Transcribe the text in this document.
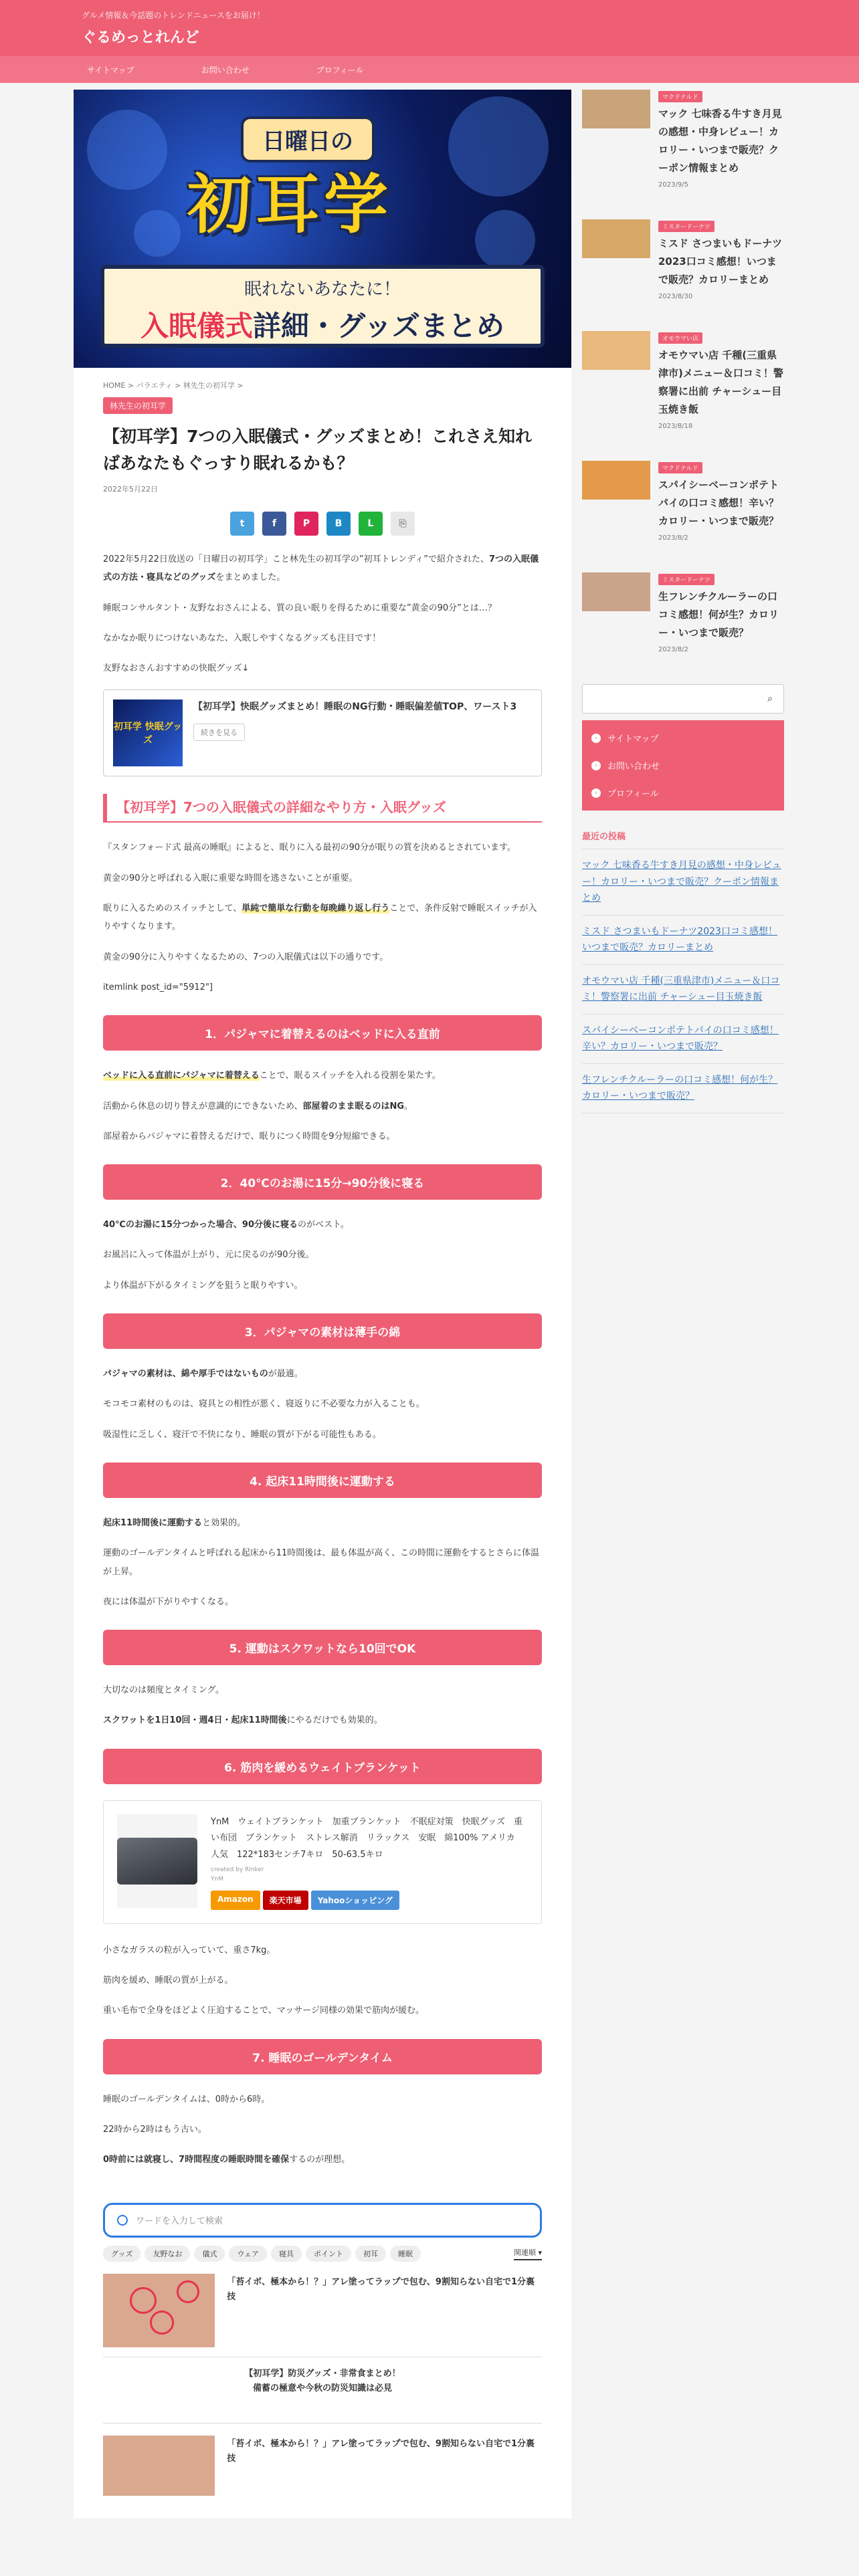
グルメ情報＆今話題のトレンドニュースをお届け！
ぐるめっとれんど
サイトマップ	お問い合わせ	プロフィール
日曜日の
初耳学
眠れないあなたに！
入眠儀式詳細・グッズまとめ
HOME > バラエティ > 林先生の初耳学 >
林先生の初耳学
【初耳学】7つの入眠儀式・グッズまとめ！これさえ知ればあなたもぐっすり眠れるかも？
2022年5月22日
t	f	P	B	L	⎘

2022年5月22日放送の「日曜日の初耳学」こと林先生の初耳学の”初耳トレンディ”で紹介された、7つの入眠儀式の方法・寝具などのグッズをまとめました。

睡眠コンサルタント・友野なおさんによる、質の良い眠りを得るために重要な”黄金の90分”とは…？

なかなか眠りにつけないあなた、入眠しやすくなるグッズも注目です！

友野なおさんおすすめの快眠グッズ↓

初耳学 快眠グッズ
【初耳学】快眠グッズまとめ！睡眠のNG行動・睡眠偏差値TOP、ワースト3
続きを見る
【初耳学】7つの入眠儀式の詳細なやり方・入眠グッズ

『スタンフォード式 最高の睡眠』によると、眠りに入る最初の90分が眠りの質を決めるとされています。

黄金の90分と呼ばれる入眠に重要な時間を逃さないことが重要。

眠りに入るためのスイッチとして、単純で簡単な行動を毎晩繰り返し行うことで、条件反射で睡眠スイッチが入りやすくなります。

黄金の90分に入りやすくなるための、7つの入眠儀式は以下の通りです。

itemlink post_id="5912"]

1．パジャマに着替えるのはベッドに入る直前

ベッドに入る直前にパジャマに着替えることで、眠るスイッチを入れる役割を果たす。

活動から休息の切り替えが意識的にできないため、部屋着のまま眠るのはNG。

部屋着からパジャマに着替えるだけで、眠りにつく時間を9分短縮できる。

2．40℃のお湯に15分→90分後に寝る

40℃のお湯に15分つかった場合、90分後に寝るのがベスト。

お風呂に入って体温が上がり、元に戻るのが90分後。

より体温が下がるタイミングを狙うと眠りやすい。

3．パジャマの素材は薄手の綿

パジャマの素材は、綿や厚手ではないものが最適。

モコモコ素材のものは、寝具との相性が悪く、寝返りに不必要な力が入ることも。

吸湿性に乏しく、寝汗で不快になり、睡眠の質が下がる可能性もある。

4. 起床11時間後に運動する

起床11時間後に運動すると効果的。

運動のゴールデンタイムと呼ばれる起床から11時間後は、最も体温が高く、この時間に運動をするとさらに体温が上昇。

夜には体温が下がりやすくなる。

5. 運動はスクワットなら10回でOK

大切なのは頻度とタイミング。

スクワットを1日10回・週4日・起床11時間後にやるだけでも効果的。

6. 筋肉を緩めるウェイトブランケット
YnM　ウェイトブランケット　加重ブランケット　不眠症対策　快眠グッズ　重い布団　ブランケット　ストレス解消　リラックス　安眠　綿100% アメリカ　人気　122*183センチ7キロ　50-63.5キロ
created by Rinker
YnM
Amazon	楽天市場	Yahooショッピング

小さなガラスの粒が入っていて、重さ7kg。

筋肉を緩め、睡眠の質が上がる。

重い毛布で全身をほどよく圧迫することで、マッサージ同様の効果で筋肉が緩む。

7. 睡眠のゴールデンタイム

睡眠のゴールデンタイムは、0時から6時。

22時から2時はもう古い。

0時前には就寝し、7時間程度の睡眠時間を確保するのが理想。

ワードを入力して検索
グッズ	友野なお	儀式	ウェア	寝具	ポイント	初耳	睡眠	関連順 ▾
「苔イボ、極本から！？」アレ塗ってラップで包む、9割知らない自宅で1分裏技
【初耳学】防災グッズ・非常食まとめ！
備蓄の極意や今秋の防災知識は必見
「苔イボ、極本から！？」アレ塗ってラップで包む、9割知らない自宅で1分裏技
マクドナルド
マック 七味香る牛すき月見の感想・中身レビュー！カロリー・いつまで販売？クーポン情報まとめ
2023/9/5
ミスタードーナツ
ミスド さつまいもドーナツ2023口コミ感想！いつまで販売？カロリーまとめ
2023/8/30
オモウマい店
オモウマい店 千種(三重県津市)メニュー＆口コミ！警察署に出前 チャーシュー目玉焼き飯
2023/8/18
マクドナルド
スパイシーベーコンポテトパイの口コミ感想！辛い？カロリー・いつまで販売？
2023/8/2
ミスタードーナツ
生フレンチクルーラーの口コミ感想！何が生？カロリー・いつまで販売？
2023/8/2
⌕
›	サイトマップ
›	お問い合わせ
›	プロフィール
最近の投稿
マック 七味香る牛すき月見の感想・中身レビュー！カロリー・いつまで販売？クーポン情報まとめ
ミスド さつまいもドーナツ2023口コミ感想！いつまで販売？カロリーまとめ
オモウマい店 千種(三重県津市)メニュー＆口コミ！警察署に出前 チャーシュー目玉焼き飯
スパイシーベーコンポテトパイの口コミ感想！辛い？カロリー・いつまで販売？
生フレンチクルーラーの口コミ感想！何が生？カロリー・いつまで販売？
